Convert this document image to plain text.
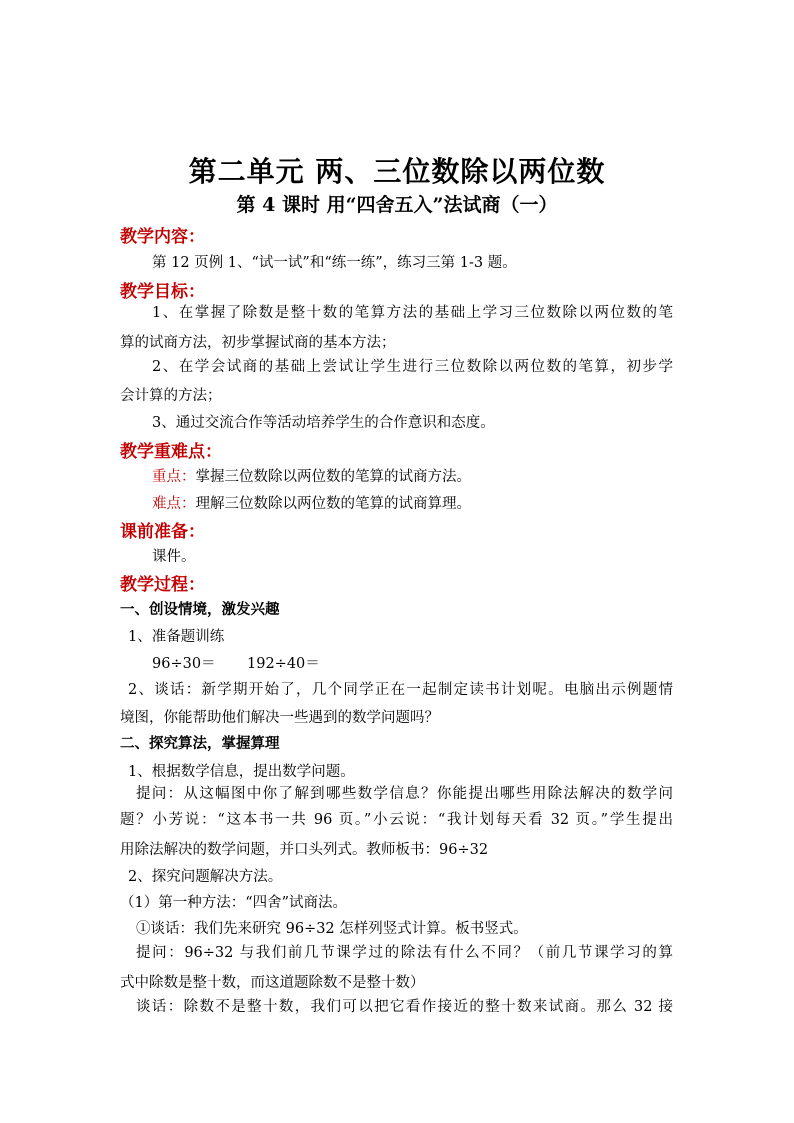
第二单元 两、三位数除以两位数
第 4 课时 用“四舍五入”法试商（一）
教学内容：
第 12 页例 1、“试一试”和“练一练”，练习三第 1-3 题。
教学目标：
1、在掌握了除数是整十数的笔算方法的基础上学习三位数除以两位数的笔
算的试商方法，初步掌握试商的基本方法；
2、在学会试商的基础上尝试让学生进行三位数除以两位数的笔算，初步学
会计算的方法；
3、通过交流合作等活动培养学生的合作意识和态度。
教学重难点：
重点：掌握三位数除以两位数的笔算的试商方法。
难点：理解三位数除以两位数的笔算的试商算理。
课前准备：
课件。
教学过程：
一、创设情境，激发兴趣
1、准备题训练
96÷30＝ 192÷40＝
2、谈话：新学期开始了，几个同学正在一起制定读书计划呢。电脑出示例题情
境图，你能帮助他们解决一些遇到的数学问题吗？
二、探究算法，掌握算理
1、根据数学信息，提出数学问题。
提问：从这幅图中你了解到哪些数学信息？你能提出哪些用除法解决的数学问
题？小芳说：“这本书一共 96 页。”小云说：“我计划每天看 32 页。”学生提出
用除法解决的数学问题，并口头列式。教师板书：96÷32
2、探究问题解决方法。
（1）第一种方法：“四舍”试商法。
①谈话：我们先来研究 96÷32 怎样列竖式计算。板书竖式。
提问：96÷32 与我们前几节课学过的除法有什么不同？（前几节课学习的算
式中除数是整十数，而这道题除数不是整十数）
谈话：除数不是整十数，我们可以把它看作接近的整十数来试商。那么 32 接
